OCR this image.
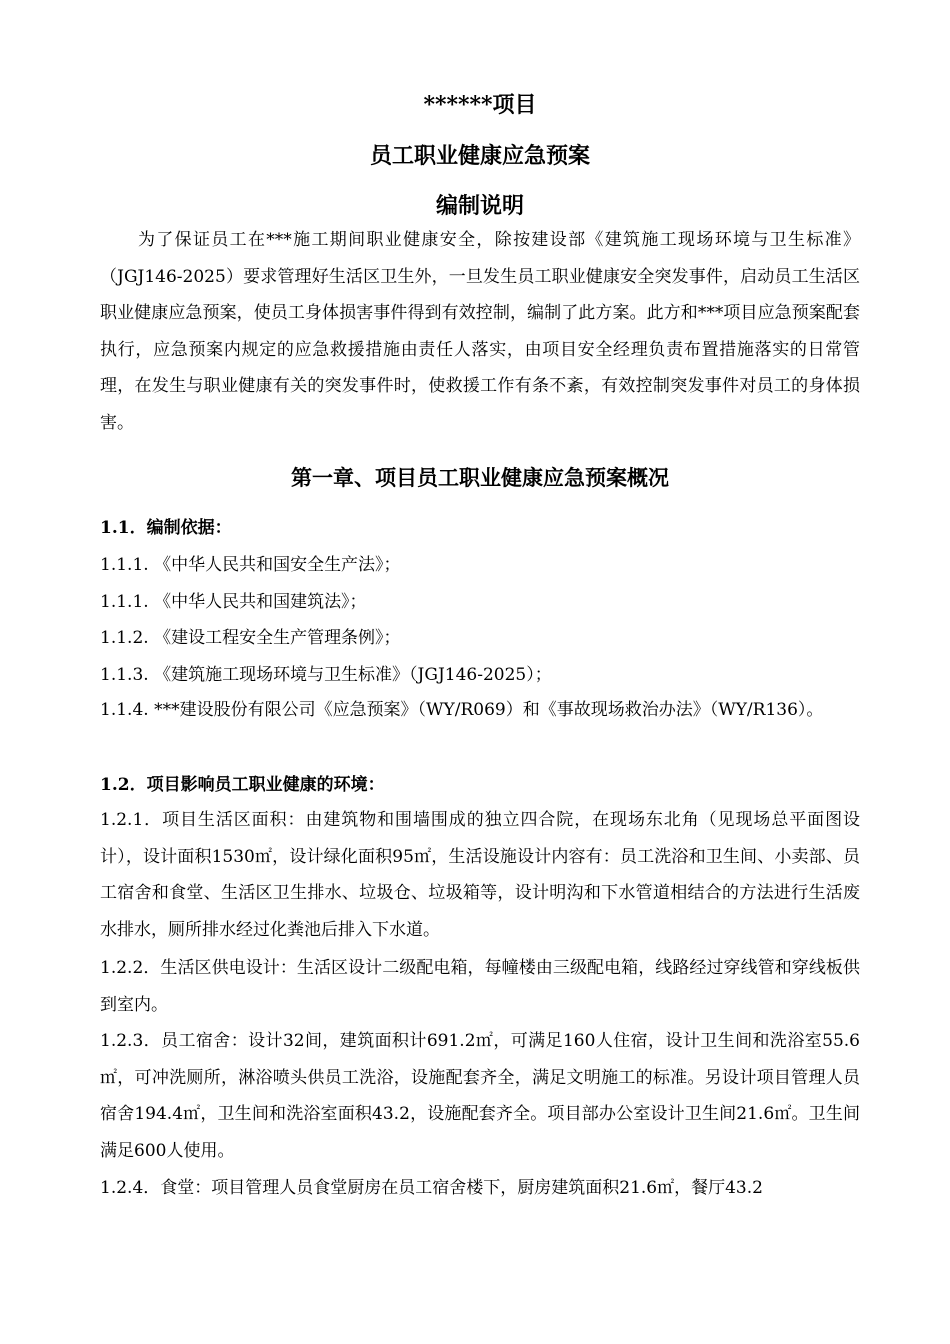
******项目
员工职业健康应急预案
编制说明
为了保证员工在***施工期间职业健康安全，除按建设部《建筑施工现场环境与卫生标准》（JGJ146-2025）要求管理好生活区卫生外，一旦发生员工职业健康安全突发事件，启动员工生活区职业健康应急预案，使员工身体损害事件得到有效控制，编制了此方案。此方和***项目应急预案配套执行，应急预案内规定的应急救援措施由责任人落实，由项目安全经理负责布置措施落实的日常管理，在发生与职业健康有关的突发事件时，使救援工作有条不紊，有效控制突发事件对员工的身体损害。
第一章、项目员工职业健康应急预案概况
1.1．编制依据：
1.1.1. 《中华人民共和国安全生产法》；
1.1.1. 《中华人民共和国建筑法》；
1.1.2. 《建设工程安全生产管理条例》；
1.1.3. 《建筑施工现场环境与卫生标准》（JGJ146-2025）；
1.1.4. ***建设股份有限公司《应急预案》（WY/R069）和《事故现场救治办法》（WY/R136）。
1.2．项目影响员工职业健康的环境：
1.2.1．项目生活区面积：由建筑物和围墙围成的独立四合院，在现场东北角（见现场总平面图设计），设计面积1530㎡，设计绿化面积95㎡，生活设施设计内容有：员工洗浴和卫生间、小卖部、员工宿舍和食堂、生活区卫生排水、垃圾仓、垃圾箱等，设计明沟和下水管道相结合的方法进行生活废水排水，厕所排水经过化粪池后排入下水道。
1.2.2．生活区供电设计：生活区设计二级配电箱，每幢楼由三级配电箱，线路经过穿线管和穿线板供到室内。
1.2.3．员工宿舍：设计32间，建筑面积计691.2㎡，可满足160人住宿，设计卫生间和洗浴室55.6㎡，可冲洗厕所，淋浴喷头供员工洗浴，设施配套齐全，满足文明施工的标准。另设计项目管理人员宿舍194.4㎡，卫生间和洗浴室面积43.2，设施配套齐全。项目部办公室设计卫生间21.6㎡。卫生间满足600人使用。
1.2.4．食堂：项目管理人员食堂厨房在员工宿舍楼下，厨房建筑面积21.6㎡，餐厅43.2
